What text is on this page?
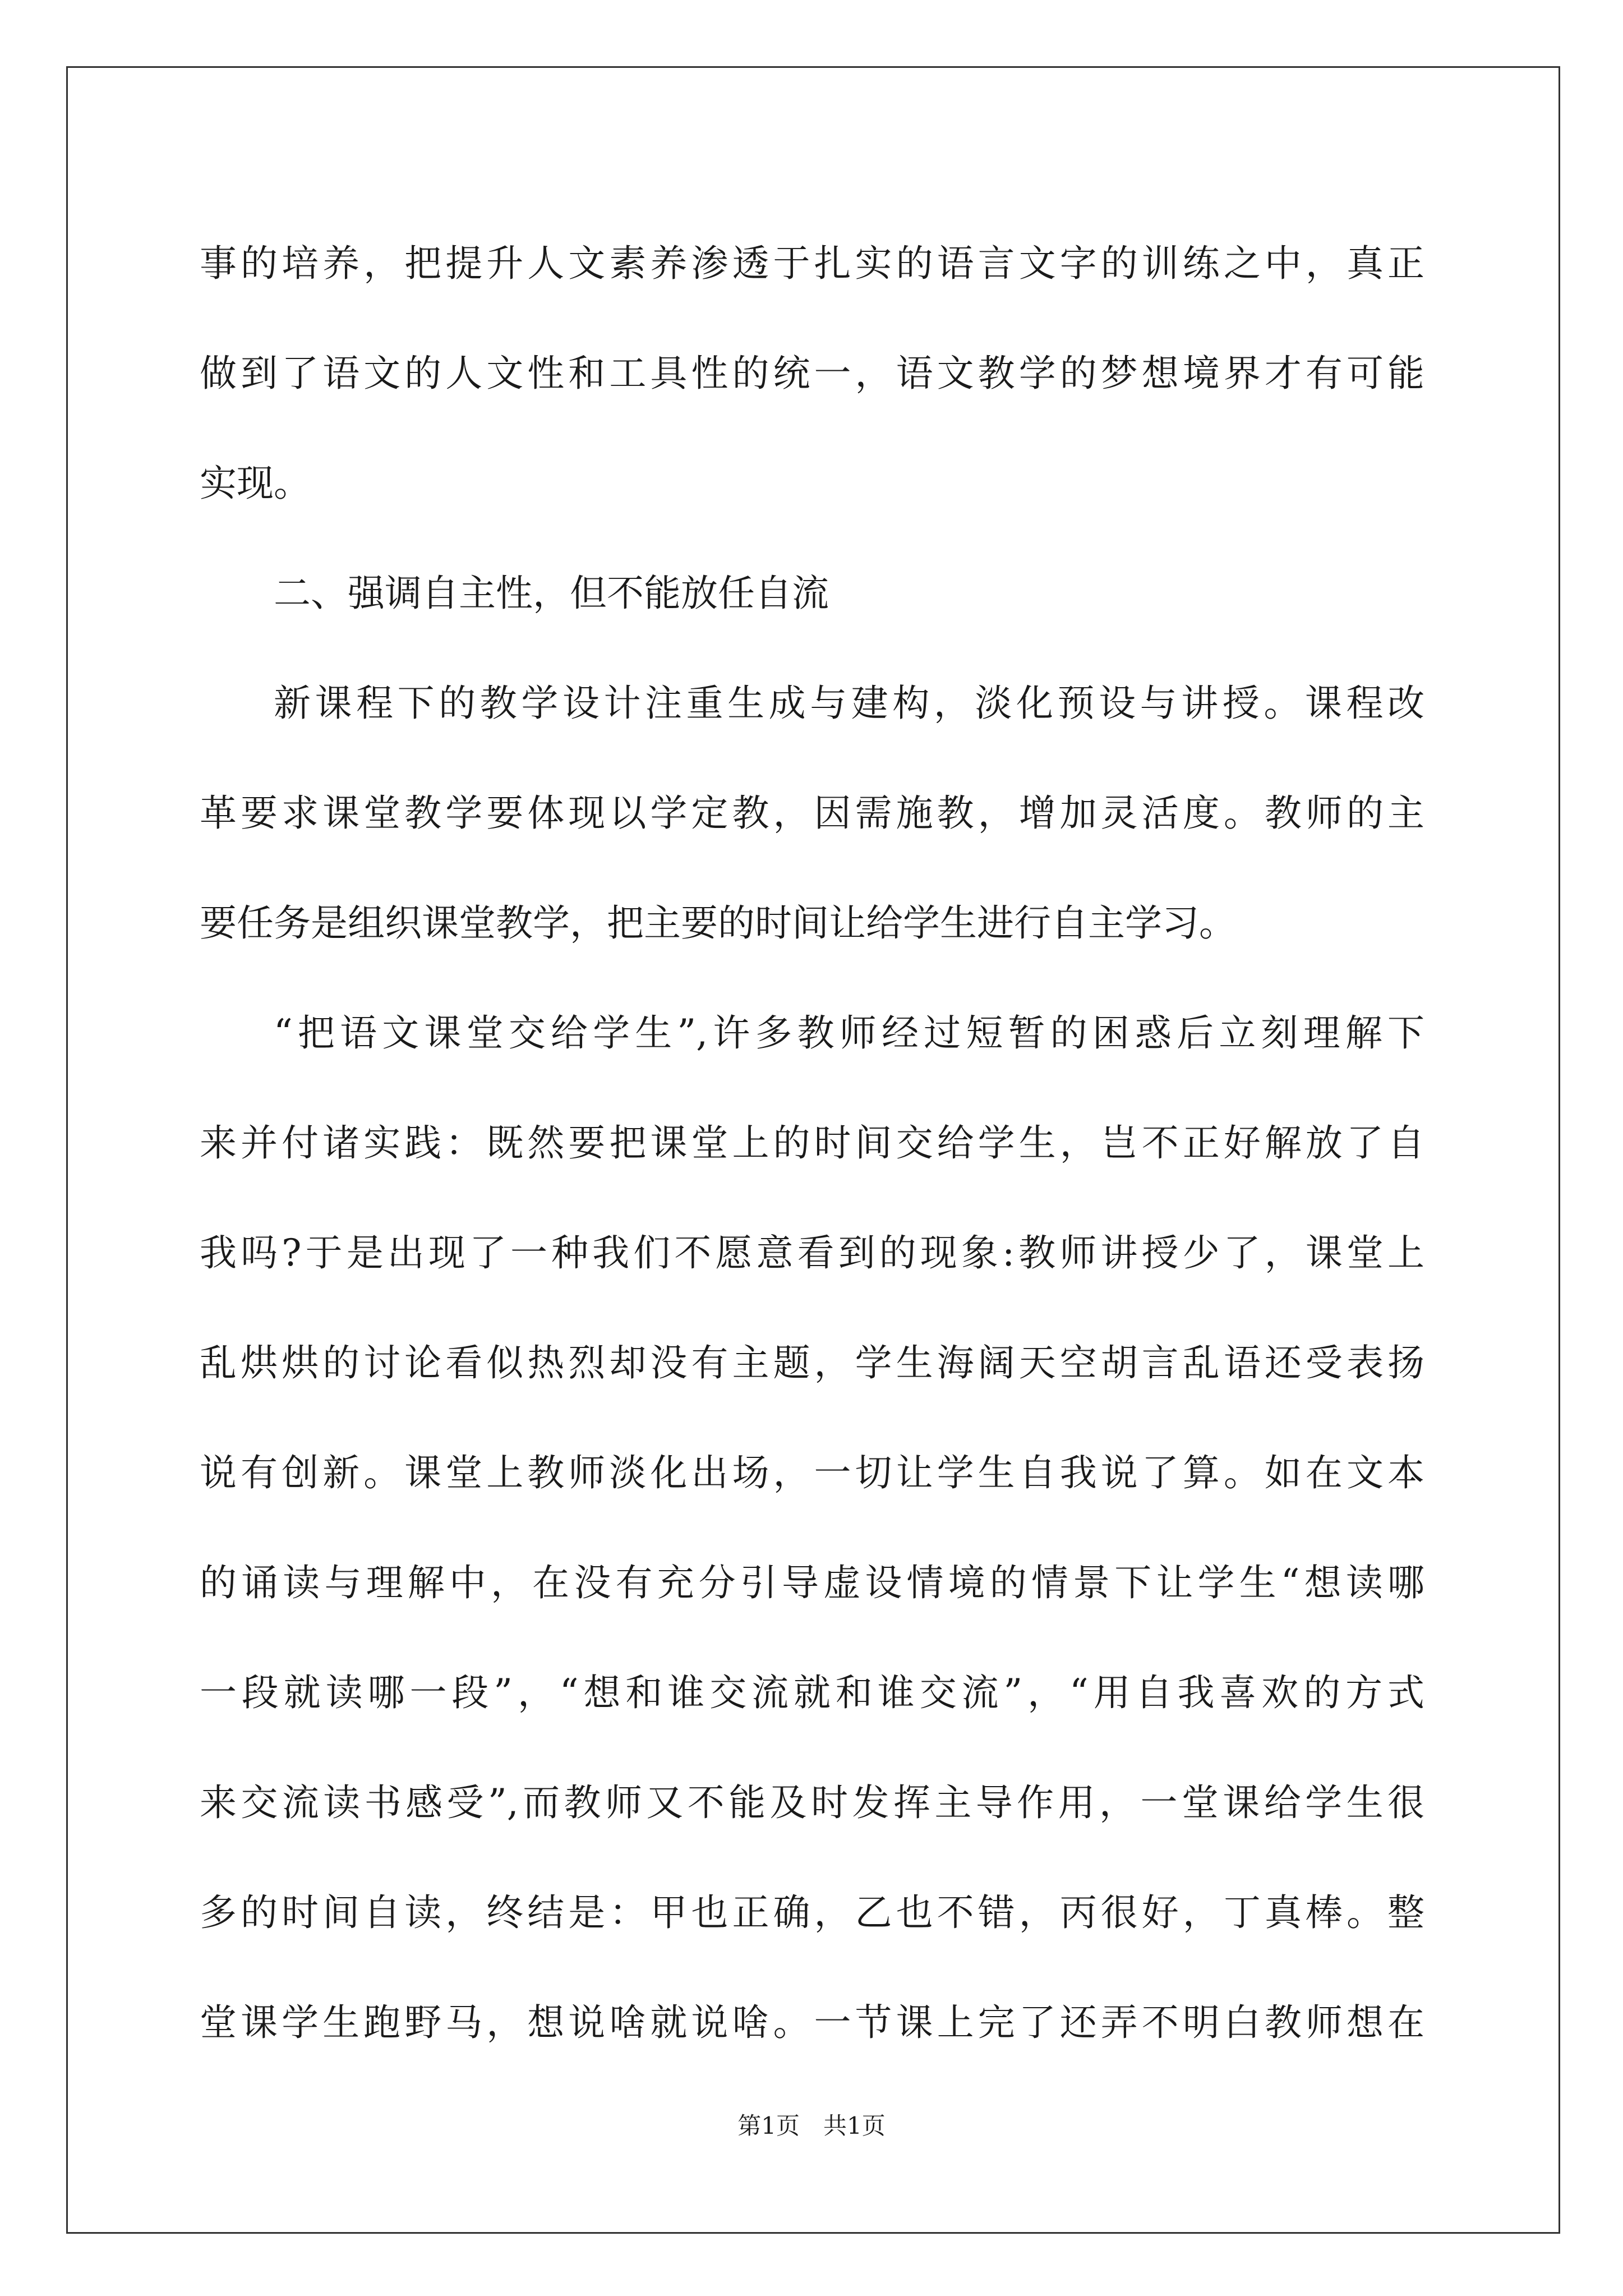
事的培养，把提升人文素养渗透于扎实的语言文字的训练之中，真正
做到了语文的人文性和工具性的统一，语文教学的梦想境界才有可能
实现。
二、强调自主性，但不能放任自流
新课程下的教学设计注重生成与建构，淡化预设与讲授。课程改
革要求课堂教学要体现以学定教，因需施教，增加灵活度。教师的主
要任务是组织课堂教学，把主要的时间让给学生进行自主学习。
“把语文课堂交给学生”,许多教师经过短暂的困惑后立刻理解下
来并付诸实践：既然要把课堂上的时间交给学生，岂不正好解放了自
我吗?于是出现了一种我们不愿意看到的现象:教师讲授少了，课堂上
乱烘烘的讨论看似热烈却没有主题，学生海阔天空胡言乱语还受表扬
说有创新。课堂上教师淡化出场，一切让学生自我说了算。如在文本
的诵读与理解中，在没有充分引导虚设情境的情景下让学生“想读哪
一段就读哪一段”，“想和谁交流就和谁交流”，“用自我喜欢的方式
来交流读书感受”,而教师又不能及时发挥主导作用，一堂课给学生很
多的时间自读，终结是：甲也正确，乙也不错，丙很好，丁真棒。整
堂课学生跑野马，想说啥就说啥。一节课上完了还弄不明白教师想在
第1页　共1页
